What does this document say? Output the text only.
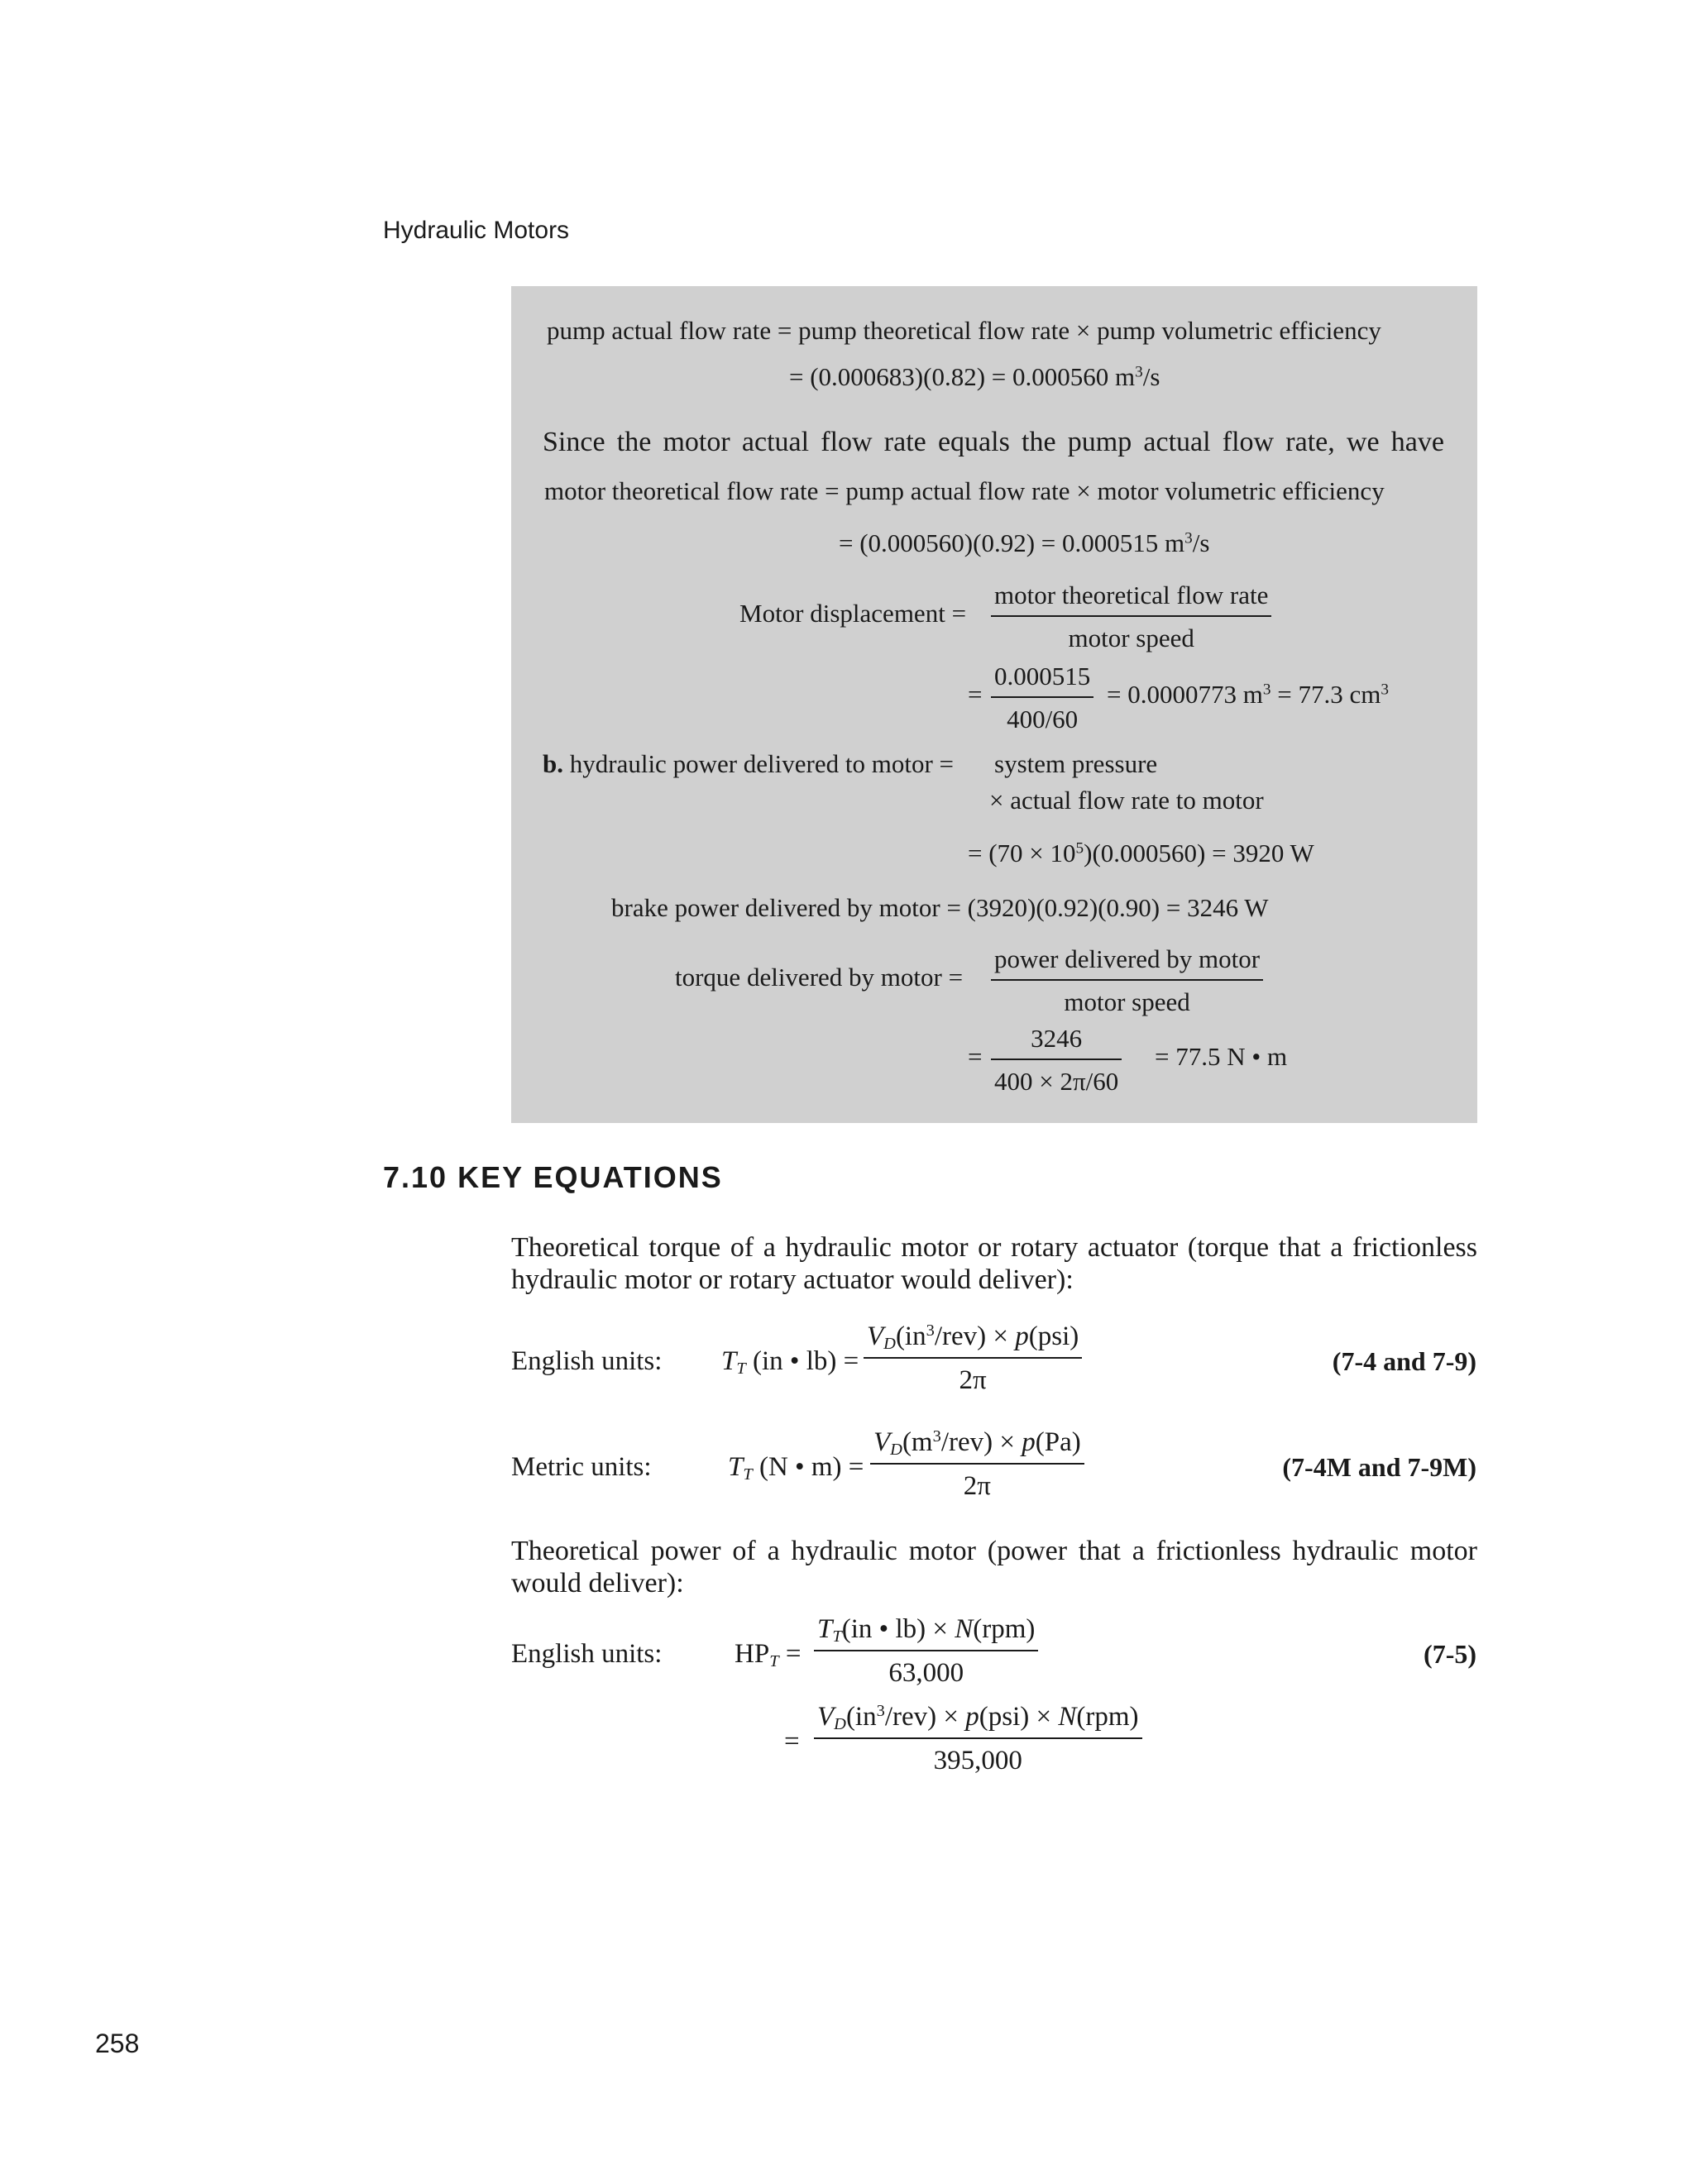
Hydraulic Motors
258
pump actual flow rate = pump theoretical flow rate × pump volumetric efficiency
= (0.000683)(0.82) = 0.000560 $m^3/s$
Since the motor actual flow rate equals the pump actual flow rate, we have
motor theoretical flow rate = pump actual flow rate × motor volumetric efficiency
= (0.000560)(0.92) = 0.000515 $m^3/s$
Motor displacement =
motor theoretical flow rate
motor speed
= $\frac{0.000515}{400/60} = 0.0000773$ $m^3 = 77.3$ $cm^3$
b. hydraulic power delivered to motor = system pressure
× actual flow rate to motor
= $(70 \times 10^5)(0.000560) = 3920$ W
brake power delivered by motor = (3920)(0.92)(0.90) = 3246 W
torque delivered by motor =
power delivered by motor
motor speed
= $\frac{3246}{400 \times 2\pi/60} = 77.5$ N • m
7.10 KEY EQUATIONS
Theoretical torque of a hydraulic motor or rotary actuator (torque that a frictionless hydraulic motor or rotary actuator would deliver):
English units: $T_T$ (in • lb) =
$V_D(in^3/rev) \times p(psi)$
2π
(7-4 and 7-9)
Metric units:	$T_T$ (N • m) =
$V_D(m^3/rev) \times p(Pa)$
2π
(7-4M and 7-9M)
Theoretical power of a hydraulic motor (power that a frictionless hydraulic motor would deliver):
English units:	$HP_T$ =
$T_T(in$ • lb) × N(rpm)
63,000
(7-5)
=
$V_D(in^3/rev) \times p(psi) \times N(rpm)$
395,000
